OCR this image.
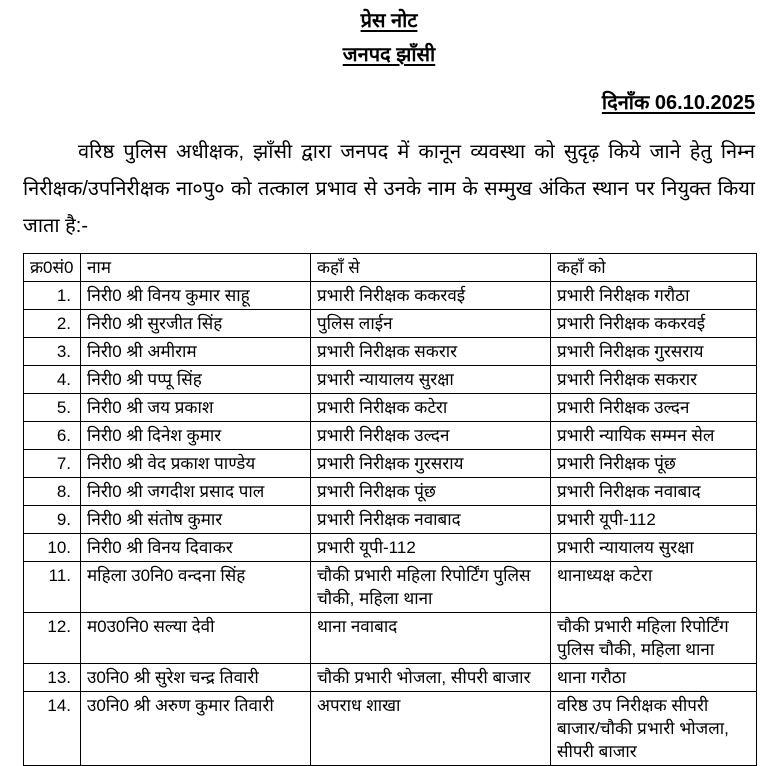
प्रेस नोट
जनपद झाँसी
दिनाँक 06.10.2025

वरिष्ठ पुलिस अधीक्षक, झाँसी द्वारा जनपद में कानून व्यवस्था को सुदृढ़ किये जाने हेतु निम्न निरीक्षक/उपनिरीक्षक ना०पु० को तत्काल प्रभाव से उनके नाम के सम्मुख अंकित स्थान पर नियुक्त किया जाता है:-

क्र0सं0	नाम	कहाँ से	कहाँ को
1.	निरी0 श्री विनय कुमार साहू	प्रभारी निरीक्षक ककरवई	प्रभारी निरीक्षक गरौठा
2.	निरी0 श्री सुरजीत सिंह	पुलिस लाईन	प्रभारी निरीक्षक ककरवई
3.	निरी0 श्री अमीराम	प्रभारी निरीक्षक सकरार	प्रभारी निरीक्षक गुरसराय
4.	निरी0 श्री पप्पू सिंह	प्रभारी न्यायालय सुरक्षा	प्रभारी निरीक्षक सकरार
5.	निरी0 श्री जय प्रकाश	प्रभारी निरीक्षक कटेरा	प्रभारी निरीक्षक उल्दन
6.	निरी0 श्री दिनेश कुमार	प्रभारी निरीक्षक उल्दन	प्रभारी न्यायिक सम्मन सेल
7.	निरी0 श्री वेद प्रकाश पाण्डेय	प्रभारी निरीक्षक गुरसराय	प्रभारी निरीक्षक पूंछ
8.	निरी0 श्री जगदीश प्रसाद पाल	प्रभारी निरीक्षक पूंछ	प्रभारी निरीक्षक नवाबाद
9.	निरी0 श्री संतोष कुमार	प्रभारी निरीक्षक नवाबाद	प्रभारी यूपी-112
10.	निरी0 श्री विनय दिवाकर	प्रभारी यूपी-112	प्रभारी न्यायालय सुरक्षा
11.	महिला उ0नि0 वन्दना सिंह	चौकी प्रभारी महिला रिपोर्टिंग पुलिस चौकी, महिला थाना	थानाध्यक्ष कटेरा
12.	म0उ0नि0 सल्या देवी	थाना नवाबाद	चौकी प्रभारी महिला रिपोर्टिंग पुलिस चौकी, महिला थाना
13.	उ0नि0 श्री सुरेश चन्द्र तिवारी	चौकी प्रभारी भोजला, सीपरी बाजार	थाना गरौठा
14.	उ0नि0 श्री अरुण कुमार तिवारी	अपराध शाखा	वरिष्ठ उप निरीक्षक सीपरी बाजार/चौकी प्रभारी भोजला, सीपरी बाजार
